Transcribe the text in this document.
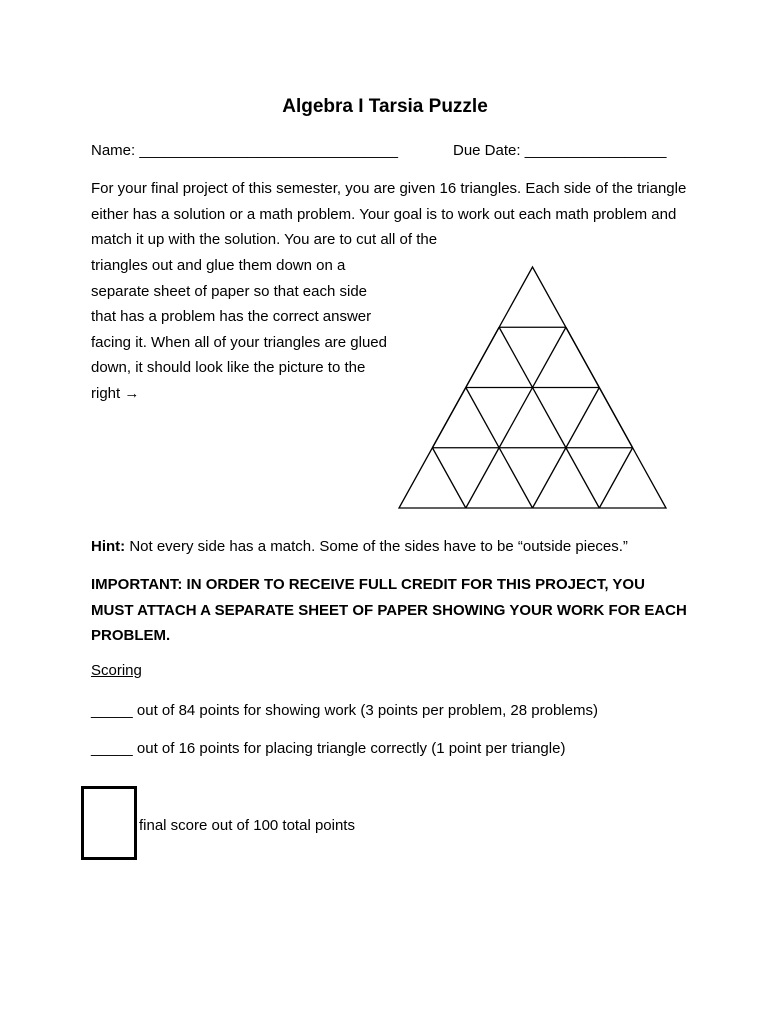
Algebra I Tarsia Puzzle
Name: _______________________________	Due Date: _________________
For your final project of this semester, you are given 16 triangles. Each side of the triangle either has a solution or a math problem. Your goal is to work out each math problem and match it up with the solution. You are to cut all of the
triangles out and glue them down on a separate sheet of paper so that each side that has a problem has the correct answer facing it. When all of your triangles are glued down, it should look like the picture to the right →
Hint: Not every side has a match. Some of the sides have to be “outside pieces.”
IMPORTANT: IN ORDER TO RECEIVE FULL CREDIT FOR THIS PROJECT, YOU MUST ATTACH A SEPARATE SHEET OF PAPER SHOWING YOUR WORK FOR EACH PROBLEM.
Scoring
_____ out of 84 points for showing work (3 points per problem, 28 problems)
_____ out of 16 points for placing triangle correctly (1 point per triangle)
final score out of 100 total points
